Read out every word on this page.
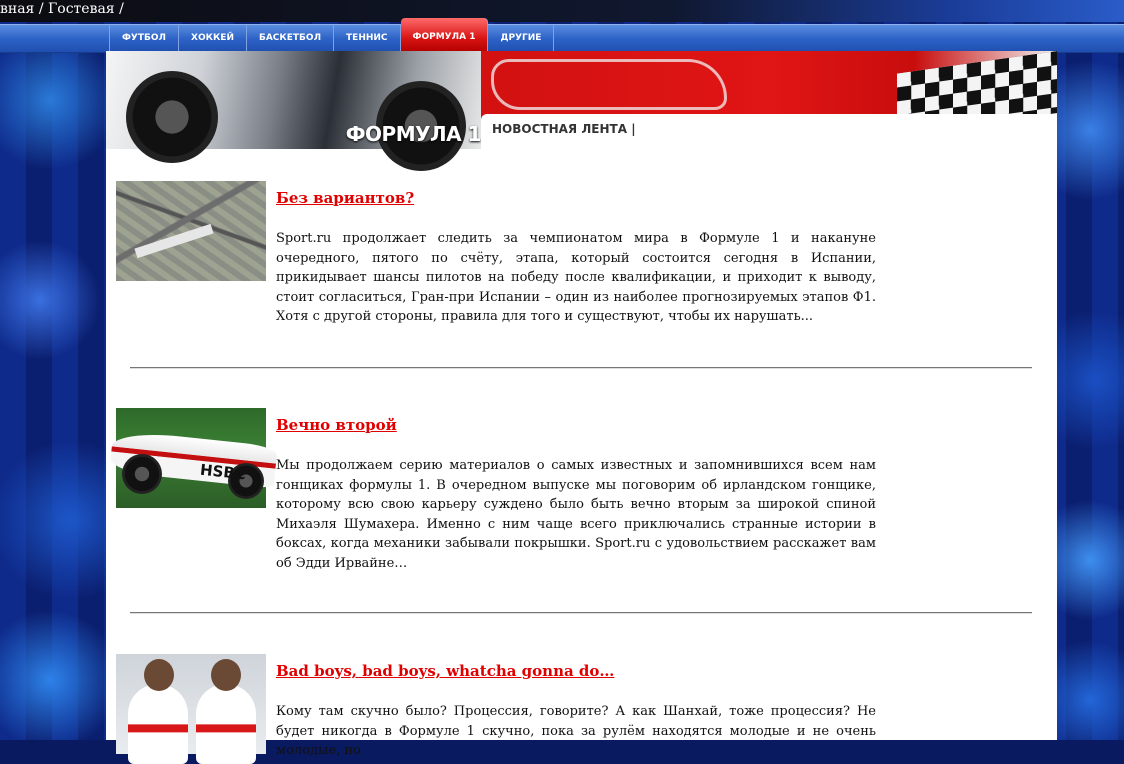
вная / Гостевая /
ФУТБОЛ	ХОККЕЙ	БАСКЕТБОЛ	ТЕННИС	ФОРМУЛА 1	ДРУГИЕ
ФОРМУЛА 1 НОВОСТНАЯ ЛЕНТА |
Без вариантов?
Sport.ru продолжает следить за чемпионатом мира в Формуле 1 и накануне очередного, пятого по счёту, этапа, который состоится сегодня в Испании, прикидывает шансы пилотов на победу после квалификации, и приходит к выводу, стоит согласиться, Гран-при Испании – один из наиболее прогнозируемых этапов Ф1. Хотя с другой стороны, правила для того и существуют, чтобы их нарушать...
HSBC
Вечно второй
Мы продолжаем серию материалов о самых известных и запомнившихся всем нам гонщиках формулы 1. В очередном выпуске мы поговорим об ирландском гонщике, которому всю свою карьеру суждено было быть вечно вторым за широкой спиной Михаэля Шумахера. Именно с ним чаще всего приключались странные истории в боксах, когда механики забывали покрышки. Sport.ru с удовольствием расскажет вам об Эдди Ирвайне…
Bad boys, bad boys, whatcha gonna do…
Кому там скучно было? Процессия, говорите? А как Шанхай, тоже процессия? Не будет никогда в Формуле 1 скучно, пока за рулём находятся молодые и не очень молодые, но
